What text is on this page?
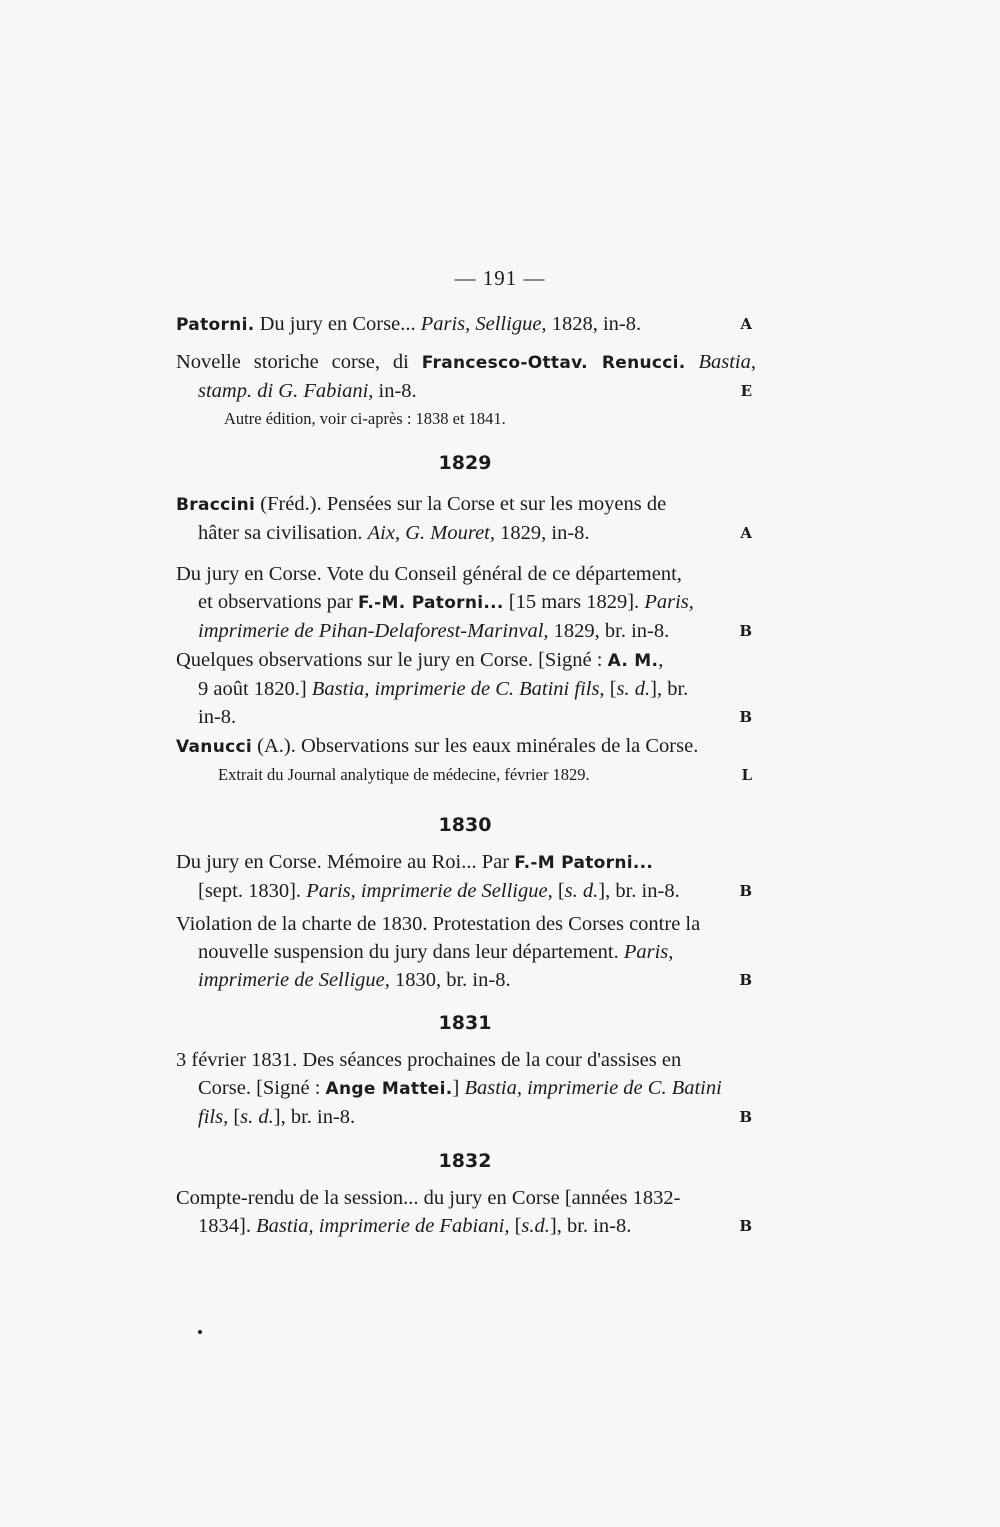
— 191 —
Patorni. Du jury en Corse... Paris, Selligue, 1828, in-8.	A
Novelle storiche corse, di Francesco-Ottav. Renucci. Bastia,
stamp. di G. Fabiani, in-8.	E
Autre édition, voir ci-après : 1838 et 1841.
1829
Braccini (Fréd.). Pensées sur la Corse et sur les moyens de
hâter sa civilisation. Aix, G. Mouret, 1829, in-8.	A
Du jury en Corse. Vote du Conseil général de ce département,
et observations par F.-M. Patorni... [15 mars 1829]. Paris,
imprimerie de Pihan-Delaforest-Marinval, 1829, br. in-8.	B
Quelques observations sur le jury en Corse. [Signé : A. M.,
9 août 1820.] Bastia, imprimerie de C. Batini fils, [s. d.], br.
in-8.	B
Vanucci (A.). Observations sur les eaux minérales de la Corse.
Extrait du Journal analytique de médecine, février 1829.	L
1830
Du jury en Corse. Mémoire au Roi... Par F.-M Patorni...
[sept. 1830]. Paris, imprimerie de Selligue, [s. d.], br. in-8.	B
Violation de la charte de 1830. Protestation des Corses contre la
nouvelle suspension du jury dans leur département. Paris,
imprimerie de Selligue, 1830, br. in-8.	B
1831
3 février 1831. Des séances prochaines de la cour d'assises en
Corse. [Signé : Ange Mattei.] Bastia, imprimerie de C. Batini
fils, [s. d.], br. in-8.	B
1832
Compte-rendu de la session... du jury en Corse [années 1832-
1834]. Bastia, imprimerie de Fabiani, [s.d.], br. in-8.	B
